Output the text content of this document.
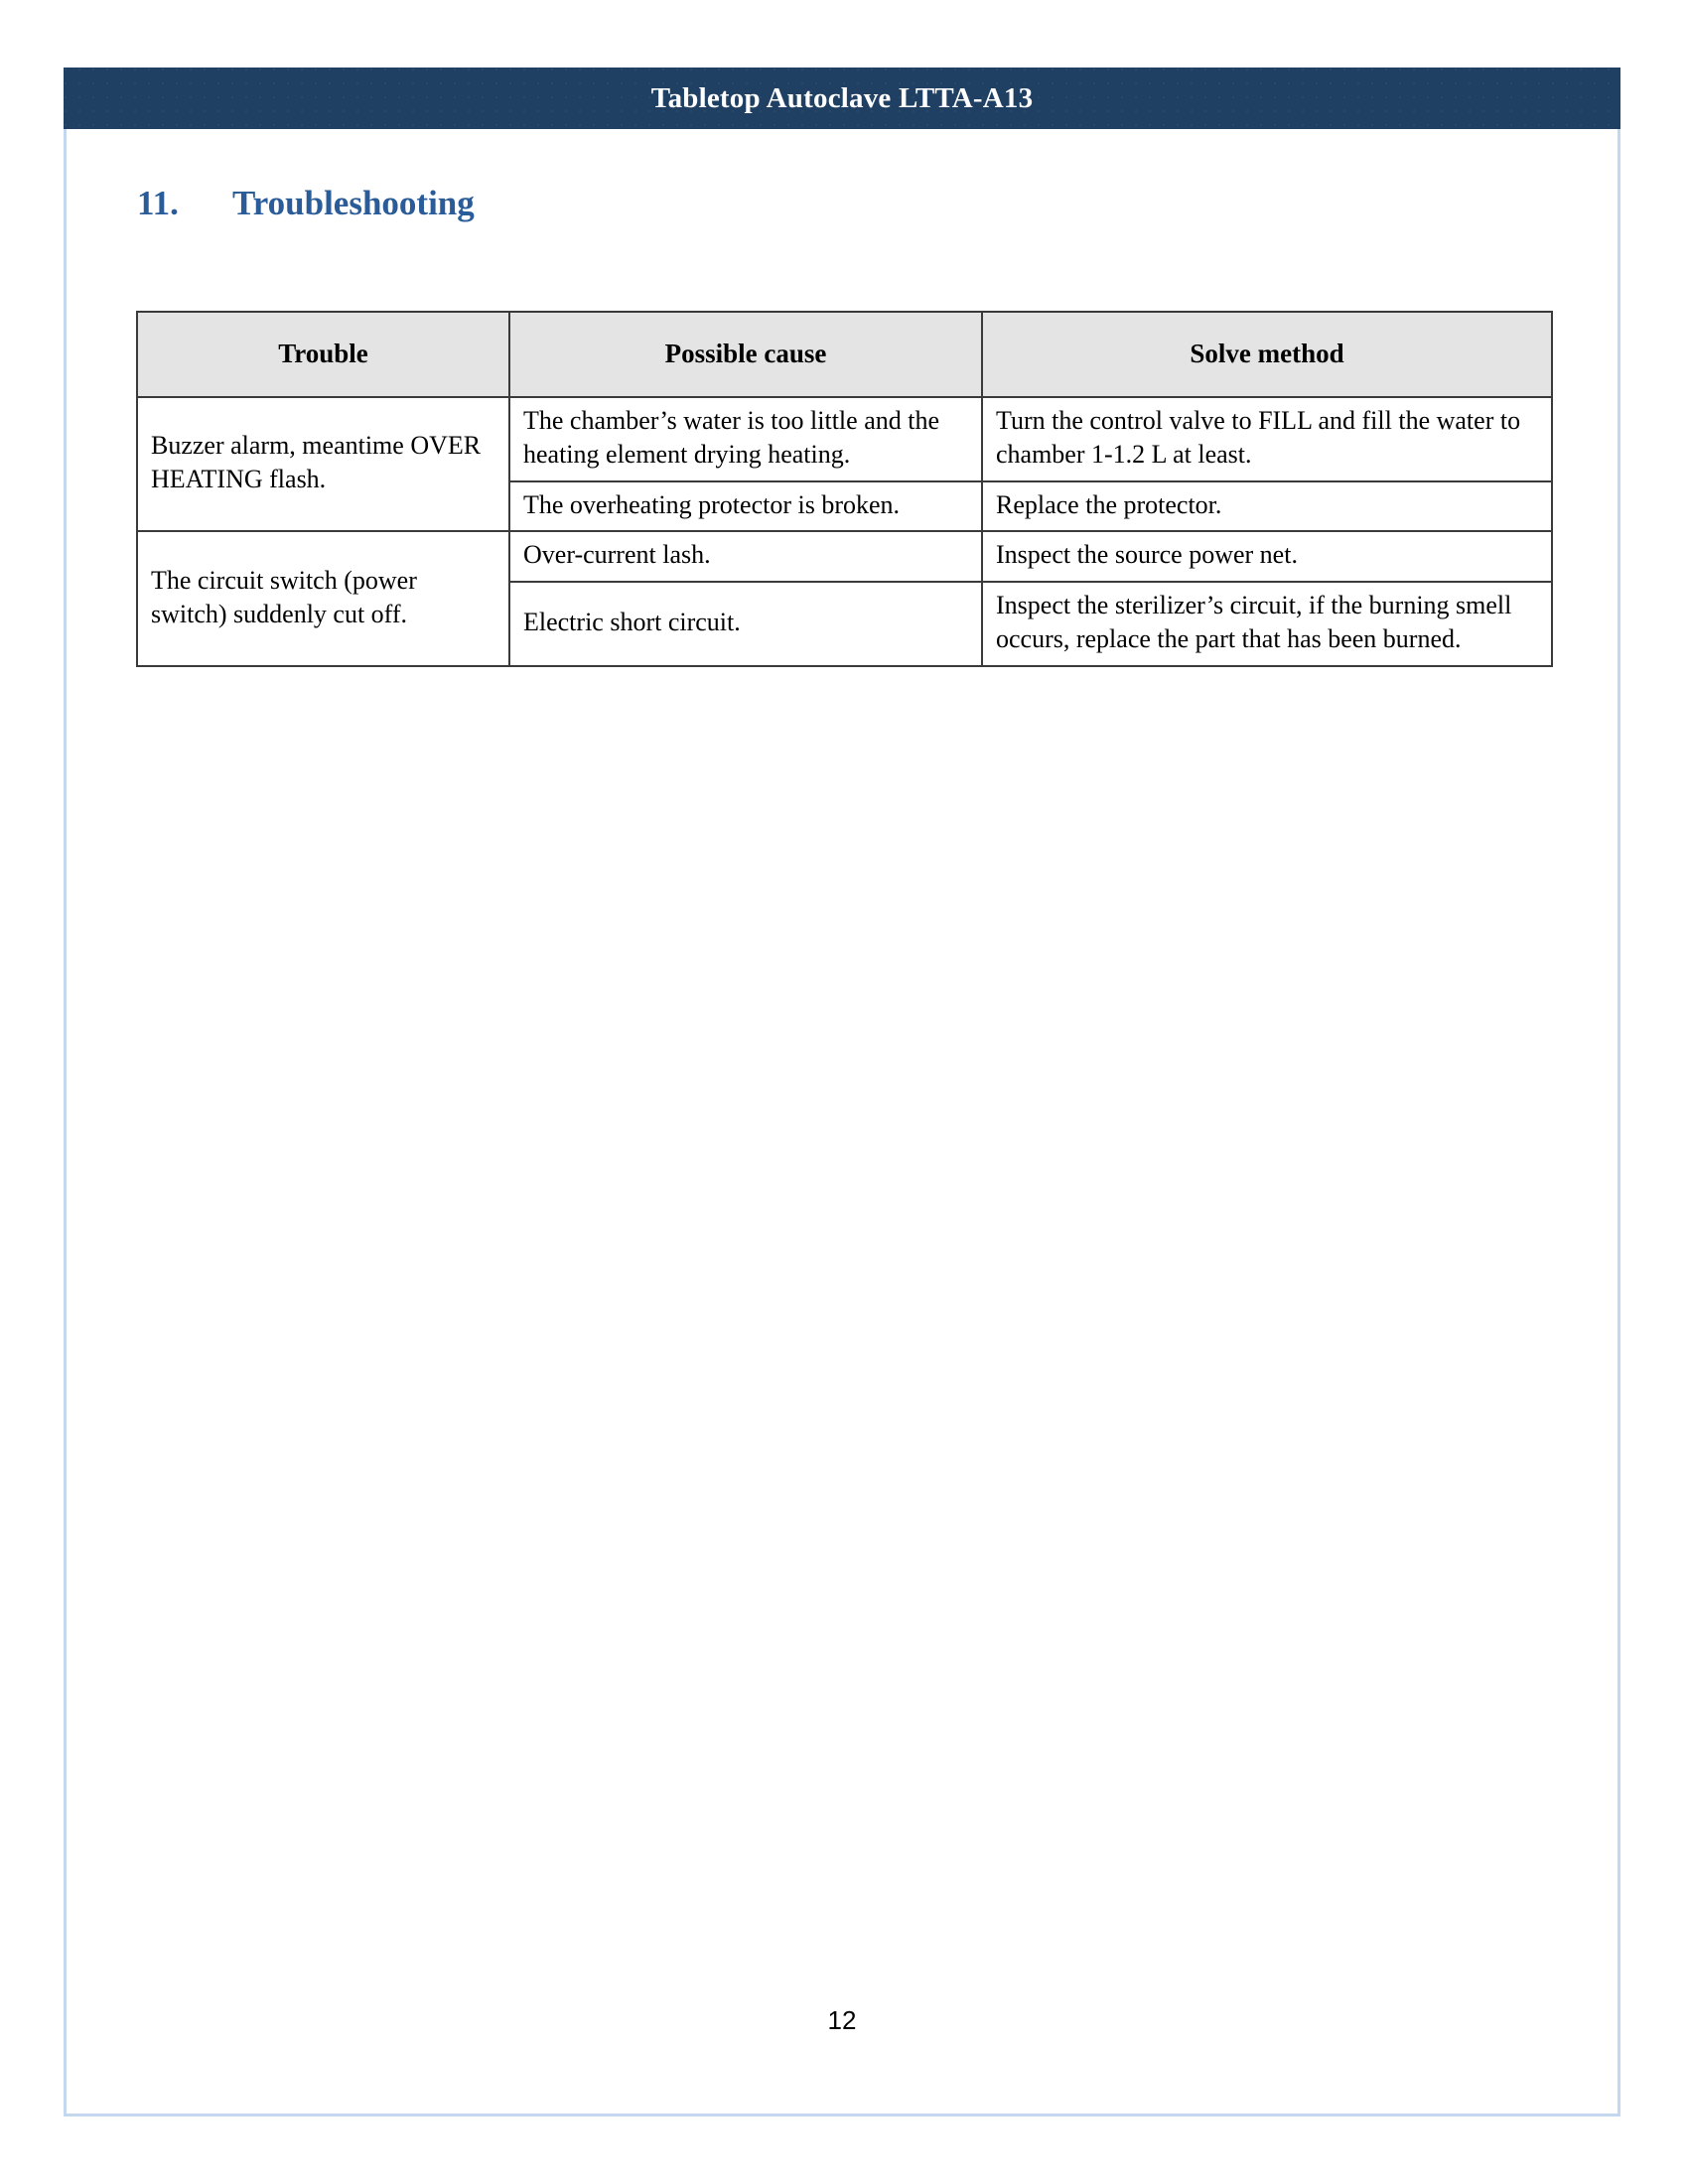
Tabletop Autoclave LTTA-A13
11.	Troubleshooting
Trouble	Possible cause	Solve method
Buzzer alarm, meantime OVER HEATING flash.	The chamber’s water is too little and the heating element drying heating.	Turn the control valve to FILL and fill the water to chamber 1-1.2 L at least.
	The overheating protector is broken.	Replace the protector.
The circuit switch (power switch) suddenly cut off.	Over-current lash.	Inspect the source power net.
	Electric short circuit.	Inspect the sterilizer’s circuit, if the burning smell occurs, replace the part that has been burned.
12
